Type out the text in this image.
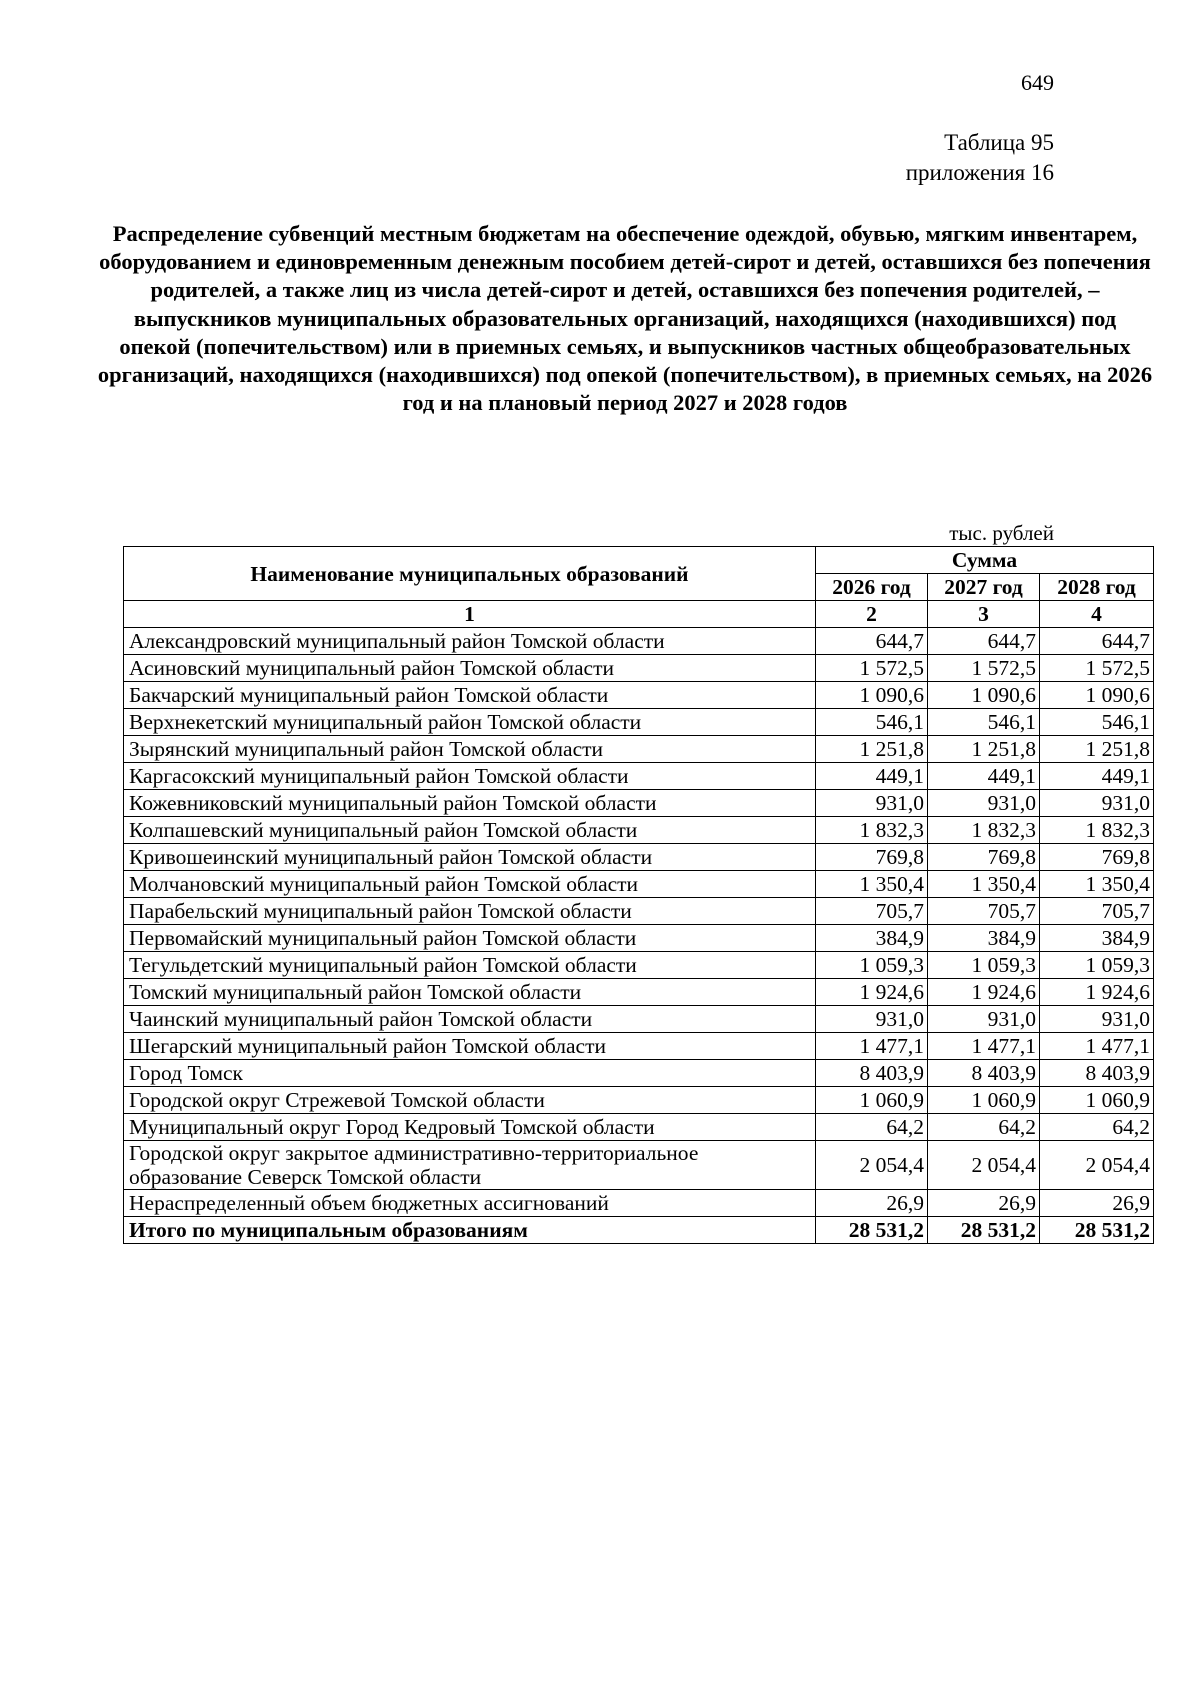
649
Таблица 95
приложения 16
Распределение субвенций местным бюджетам на обеспечение одеждой, обувью, мягким инвентарем, оборудованием и единовременным денежным пособием детей-сирот и детей, оставшихся без попечения родителей, а также лиц из числа детей-сирот и детей, оставшихся без попечения родителей, – выпускников муниципальных образовательных организаций, находящихся (находившихся) под опекой (попечительством) или в приемных семьях, и выпускников частных общеобразовательных организаций, находящихся (находившихся) под опекой (попечительством), в приемных семьях, на 2026 год и на плановый период 2027 и 2028 годов
тыс. рублей
Наименование муниципальных образований	Сумма		
	2026 год	2027 год	2028 год
1	2	3	4
Александровский муниципальный район Томской области	644,7	644,7	644,7
Асиновский муниципальный район Томской области	1 572,5	1 572,5	1 572,5
Бакчарский муниципальный район Томской области	1 090,6	1 090,6	1 090,6
Верхнекетский муниципальный район Томской области	546,1	546,1	546,1
Зырянский муниципальный район Томской области	1 251,8	1 251,8	1 251,8
Каргасокский муниципальный район Томской области	449,1	449,1	449,1
Кожевниковский муниципальный район Томской области	931,0	931,0	931,0
Колпашевский муниципальный район Томской области	1 832,3	1 832,3	1 832,3
Кривошеинский муниципальный район Томской области	769,8	769,8	769,8
Молчановский муниципальный район Томской области	1 350,4	1 350,4	1 350,4
Парабельский муниципальный район Томской области	705,7	705,7	705,7
Первомайский муниципальный район Томской области	384,9	384,9	384,9
Тегульдетский муниципальный район Томской области	1 059,3	1 059,3	1 059,3
Томский муниципальный район Томской области	1 924,6	1 924,6	1 924,6
Чаинский муниципальный район Томской области	931,0	931,0	931,0
Шегарский муниципальный район Томской области	1 477,1	1 477,1	1 477,1
Город Томск	8 403,9	8 403,9	8 403,9
Городской округ Стрежевой Томской области	1 060,9	1 060,9	1 060,9
Муниципальный округ Город Кедровый Томской области	64,2	64,2	64,2
Городской округ закрытое административно-территориальное образование Северск Томской области	2 054,4	2 054,4	2 054,4
Нераспределенный объем бюджетных ассигнований	26,9	26,9	26,9
Итого по муниципальным образованиям	28 531,2	28 531,2	28 531,2
